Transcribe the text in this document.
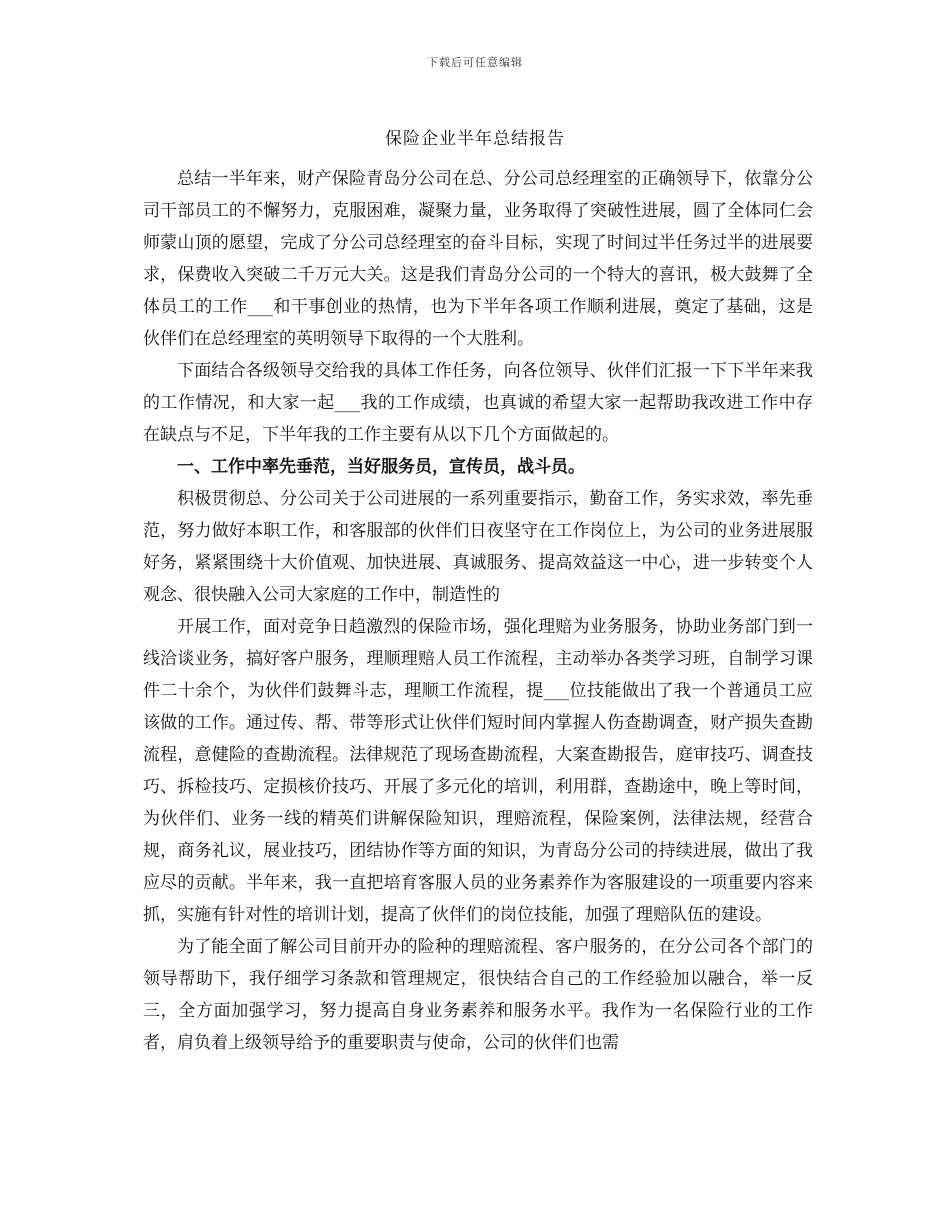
下载后可任意编辑
保险企业半年总结报告

总结一半年来，财产保险青岛分公司在总、分公司总经理室的正确领导下，依靠分公司干部员工的不懈努力，克服困难，凝聚力量，业务取得了突破性进展，圆了全体同仁会师蒙山顶的愿望，完成了分公司总经理室的奋斗目标，实现了时间过半任务过半的进展要求，保费收入突破二千万元大关。这是我们青岛分公司的一个特大的喜讯，极大鼓舞了全体员工的工作___和干事创业的热情，也为下半年各项工作顺利进展，奠定了基础，这是伙伴们在总经理室的英明领导下取得的一个大胜利。

下面结合各级领导交给我的具体工作任务，向各位领导、伙伴们汇报一下下半年来我的工作情况，和大家一起___我的工作成绩，也真诚的希望大家一起帮助我改进工作中存在缺点与不足，下半年我的工作主要有从以下几个方面做起的。

一、工作中率先垂范，当好服务员，宣传员，战斗员。

积极贯彻总、分公司关于公司进展的一系列重要指示，勤奋工作，务实求效，率先垂范，努力做好本职工作，和客服部的伙伴们日夜坚守在工作岗位上，为公司的业务进展服好务，紧紧围绕十大价值观、加快进展、真诚服务、提高效益这一中心，进一步转变个人观念、很快融入公司大家庭的工作中，制造性的

开展工作，面对竞争日趋激烈的保险市场，强化理赔为业务服务，协助业务部门到一线洽谈业务，搞好客户服务，理顺理赔人员工作流程，主动举办各类学习班，自制学习课件二十余个，为伙伴们鼓舞斗志，理顺工作流程，提___位技能做出了我一个普通员工应该做的工作。通过传、帮、带等形式让伙伴们短时间内掌握人伤查勘调查，财产损失查勘流程，意健险的查勘流程。法律规范了现场查勘流程，大案查勘报告，庭审技巧、调查技巧、拆检技巧、定损核价技巧、开展了多元化的培训，利用群，查勘途中，晚上等时间，为伙伴们、业务一线的精英们讲解保险知识，理赔流程，保险案例，法律法规，经营合规，商务礼议，展业技巧，团结协作等方面的知识，为青岛分公司的持续进展，做出了我应尽的贡献。半年来，我一直把培育客服人员的业务素养作为客服建设的一项重要内容来抓，实施有针对性的培训计划，提高了伙伴们的岗位技能，加强了理赔队伍的建设。

为了能全面了解公司目前开办的险种的理赔流程、客户服务的，在分公司各个部门的领导帮助下，我仔细学习条款和管理规定，很快结合自己的工作经验加以融合，举一反三，全方面加强学习，努力提高自身业务素养和服务水平。我作为一名保险行业的工作者，肩负着上级领导给予的重要职责与使命，公司的伙伴们也需
